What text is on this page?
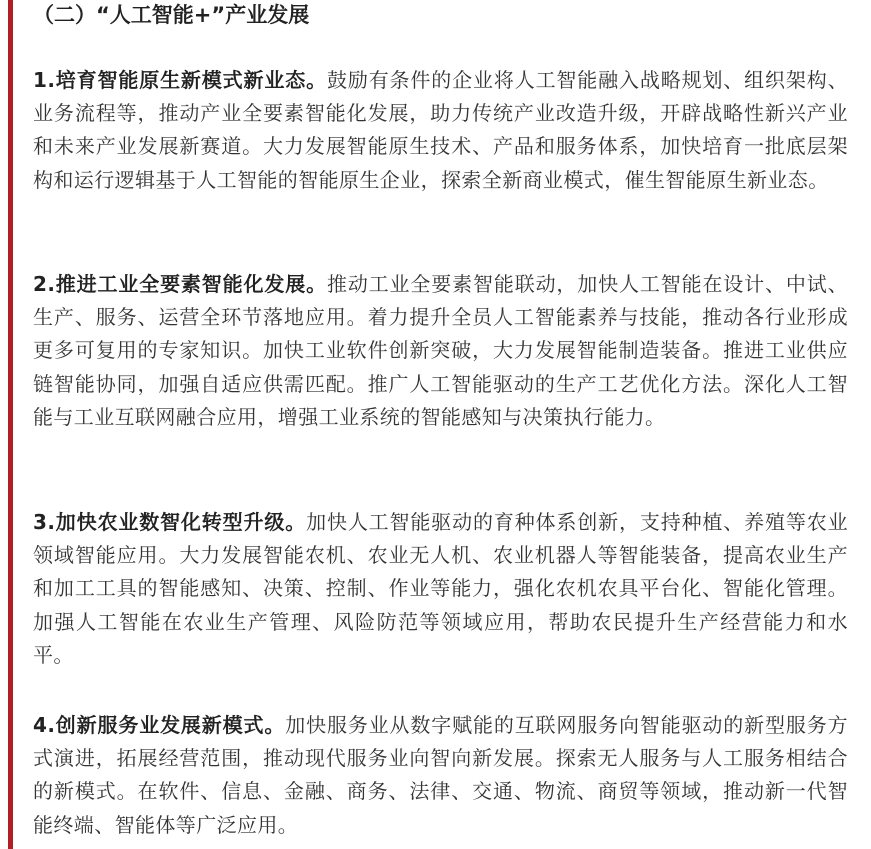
（二）“人工智能+”产业发展

1.培育智能原生新模式新业态。鼓励有条件的企业将人工智能融入战略规划、组织架构、业务流程等，推动产业全要素智能化发展，助力传统产业改造升级，开辟战略性新兴产业和未来产业发展新赛道。大力发展智能原生技术、产品和服务体系，加快培育一批底层架构和运行逻辑基于人工智能的智能原生企业，探索全新商业模式，催生智能原生新业态。

2.推进工业全要素智能化发展。推动工业全要素智能联动，加快人工智能在设计、中试、生产、服务、运营全环节落地应用。着力提升全员人工智能素养与技能，推动各行业形成更多可复用的专家知识。加快工业软件创新突破，大力发展智能制造装备。推进工业供应链智能协同，加强自适应供需匹配。推广人工智能驱动的生产工艺优化方法。深化人工智能与工业互联网融合应用，增强工业系统的智能感知与决策执行能力。

3.加快农业数智化转型升级。加快人工智能驱动的育种体系创新，支持种植、养殖等农业领域智能应用。大力发展智能农机、农业无人机、农业机器人等智能装备，提高农业生产和加工工具的智能感知、决策、控制、作业等能力，强化农机农具平台化、智能化管理。加强人工智能在农业生产管理、风险防范等领域应用，帮助农民提升生产经营能力和水平。

4.创新服务业发展新模式。加快服务业从数字赋能的互联网服务向智能驱动的新型服务方式演进，拓展经营范围，推动现代服务业向智向新发展。探索无人服务与人工服务相结合的新模式。在软件、信息、金融、商务、法律、交通、物流、商贸等领域，推动新一代智能终端、智能体等广泛应用。
